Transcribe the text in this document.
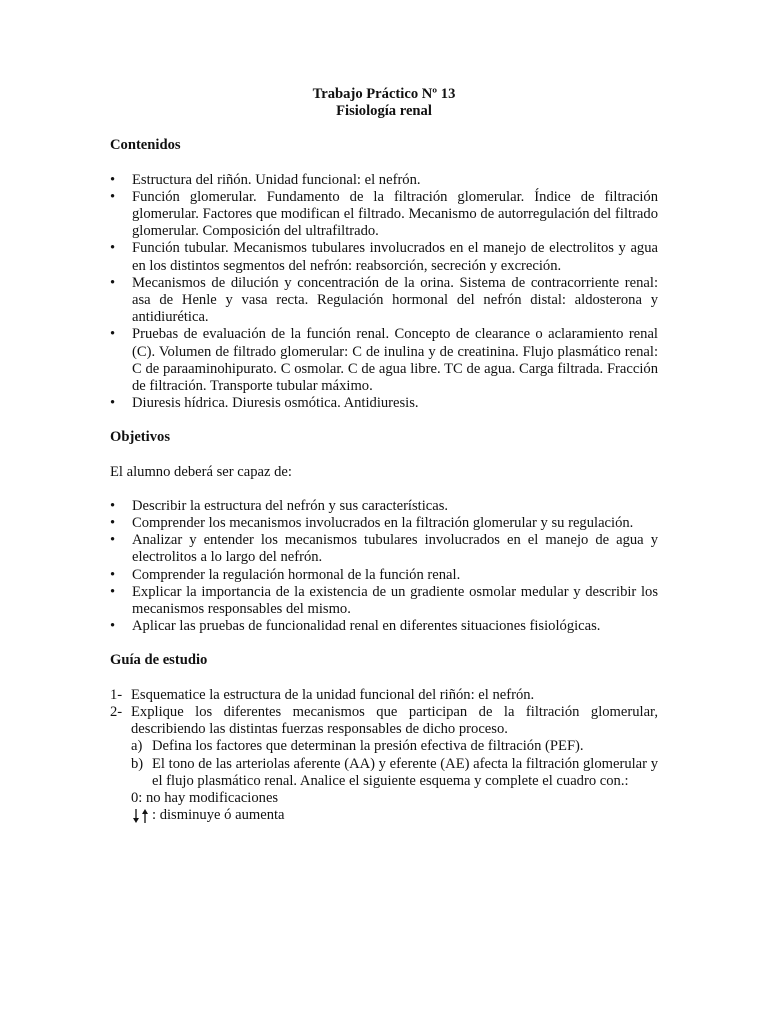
Trabajo Práctico Nº 13
Fisiología renal

Contenidos

• Estructura del riñón. Unidad funcional: el nefrón.
• Función glomerular. Fundamento de la filtración glomerular. Índice de filtración glomerular. Factores que modifican el filtrado. Mecanismo de autorregulación del filtrado glomerular. Composición del ultrafiltrado.
• Función tubular. Mecanismos tubulares involucrados en el manejo de electrolitos y agua en los distintos segmentos del nefrón: reabsorción, secreción y excreción.
• Mecanismos de dilución y concentración de la orina. Sistema de contracorriente renal: asa de Henle y vasa recta. Regulación hormonal del nefrón distal: aldosterona y antidiurética.
• Pruebas de evaluación de la función renal. Concepto de clearance o aclaramiento renal (C). Volumen de filtrado glomerular: C de inulina y de creatinina. Flujo plasmático renal: C de paraaminohipurato. C osmolar. C de agua libre. TC de agua. Carga filtrada. Fracción de filtración. Transporte tubular máximo.
• Diuresis hídrica. Diuresis osmótica. Antidiuresis.

Objetivos

El alumno deberá ser capaz de:

• Describir la estructura del nefrón y sus características.
• Comprender los mecanismos involucrados en la filtración glomerular y su regulación.
• Analizar y entender los mecanismos tubulares involucrados en el manejo de agua y electrolitos a lo largo del nefrón.
• Comprender la regulación hormonal de la función renal.
• Explicar la importancia de la existencia de un gradiente osmolar medular y describir los mecanismos responsables del mismo.
• Aplicar las pruebas de funcionalidad renal en diferentes situaciones fisiológicas.

Guía de estudio

1- Esquematice la estructura de la unidad funcional del riñón: el nefrón.
2- Explique los diferentes mecanismos que participan de la filtración glomerular, describiendo las distintas fuerzas responsables de dicho proceso.
a) Defina los factores que determinan la presión efectiva de filtración (PEF).
b) El tono de las arteriolas aferente (AA) y eferente (AE) afecta la filtración glomerular y el flujo plasmático renal. Analice el siguiente esquema y complete el cuadro con.:
0: no hay modificaciones
: disminuye ó aumenta
